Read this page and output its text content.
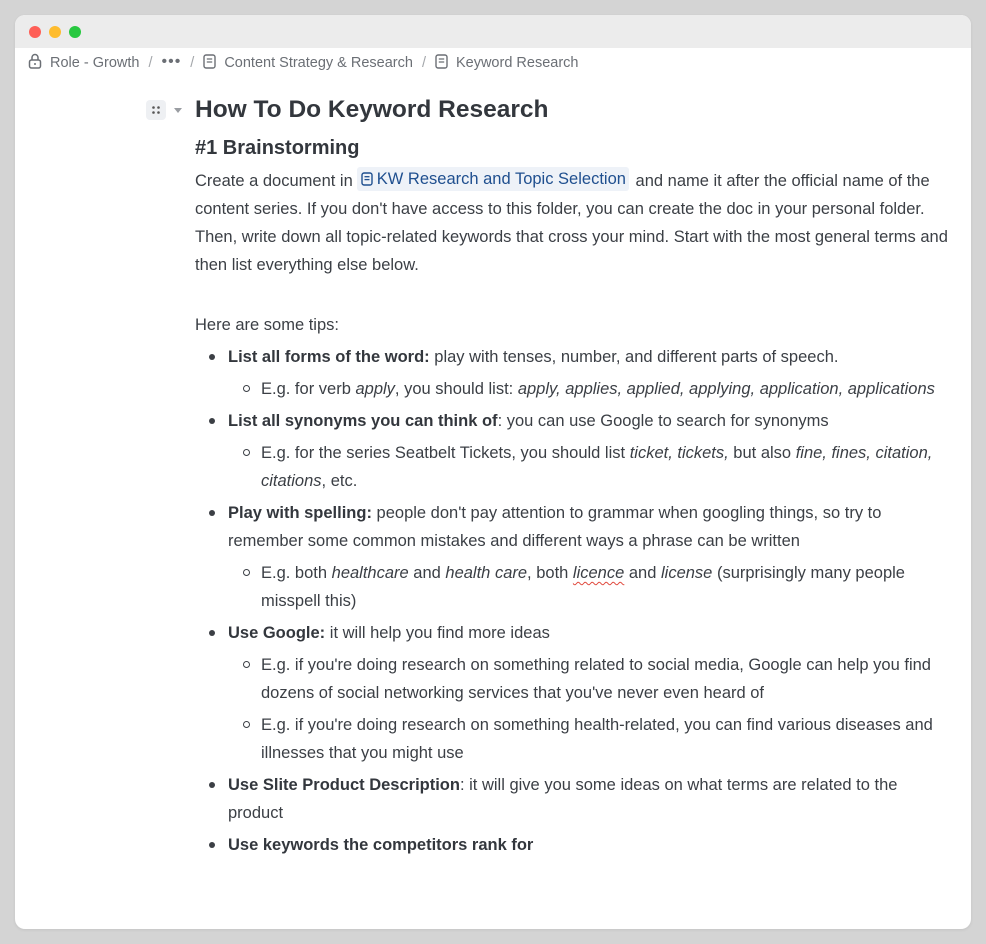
Role - Growth / ••• / Content Strategy & Research / Keyword Research
How To Do Keyword Research
#1 Brainstorming

Create a document in KW Research and Topic Selection and name it after the official name of the content series. If you don't have access to this folder, you can create the doc in your personal folder. Then, write down all topic-related keywords that cross your mind. Start with the most general terms and then list everything else below.

Here are some tips:

List all forms of the word: play with tenses, number, and different parts of speech.
E.g. for verb apply, you should list: apply, applies, applied, applying, application, applications
List all synonyms you can think of: you can use Google to search for synonyms
E.g. for the series Seatbelt Tickets, you should list ticket, tickets, but also fine, fines, citation, citations, etc.
Play with spelling: people don't pay attention to grammar when googling things, so try to remember some common mistakes and different ways a phrase can be written
E.g. both healthcare and health care, both licence and license (surprisingly many people misspell this)
Use Google: it will help you find more ideas
E.g. if you're doing research on something related to social media, Google can help you find dozens of social networking services that you've never even heard of
E.g. if you're doing research on something health-related, you can find various diseases and illnesses that you might use
Use Slite Product Description: it will give you some ideas on what terms are related to the product
Use keywords the competitors rank for
